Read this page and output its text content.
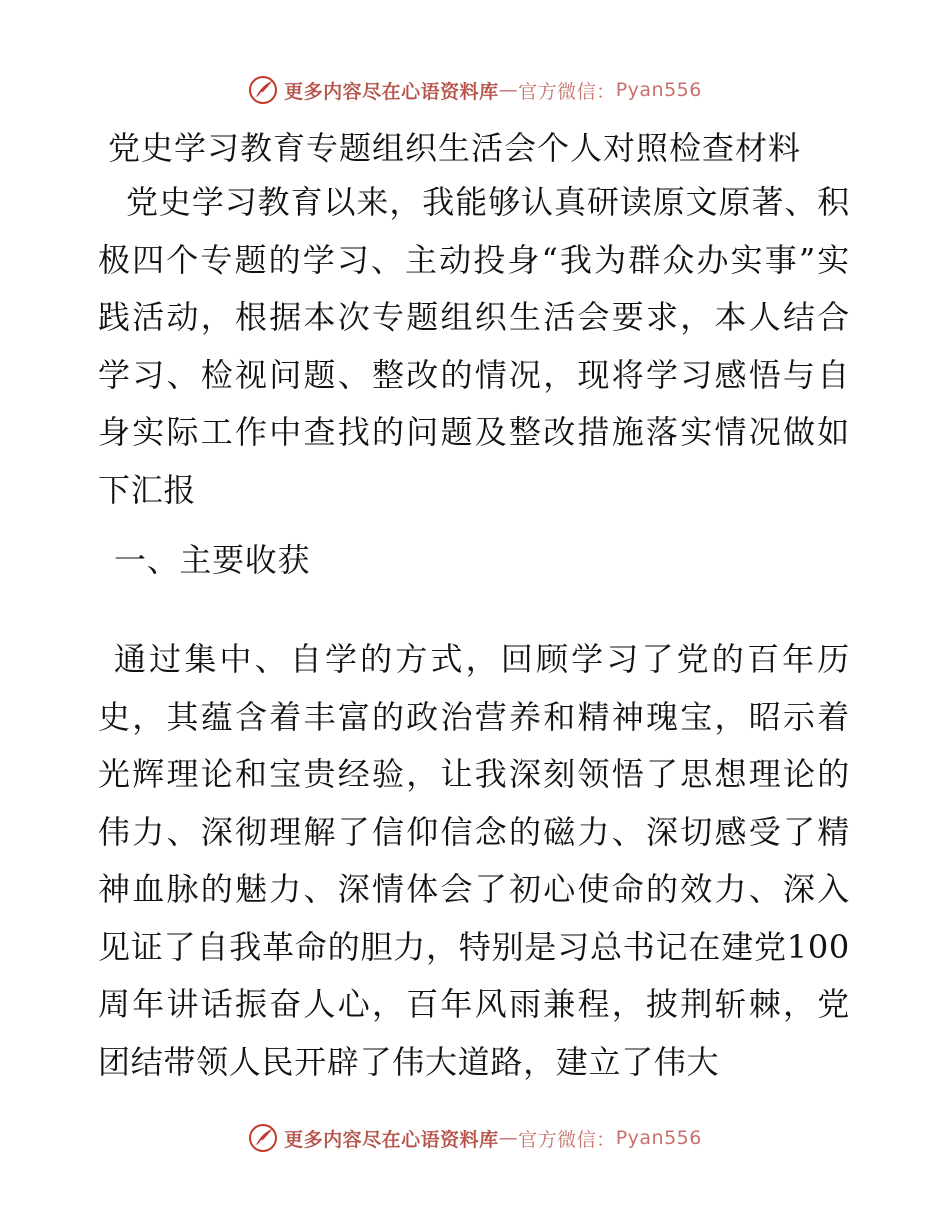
更多内容尽在心语资料库 — 官方微信： Pyan556
党史学习教育专题组织生活会个人对照检查材料
党史学习教育以来，我能够认真研读原文原著、积极四个专题的学习、主动投身“我为群众办实事”实践活动，根据本次专题组织生活会要求，本人结合学习、检视问题、整改的情况，现将学习感悟与自身实际工作中查找的问题及整改措施落实情况做如下汇报
一、主要收获
通过集中、自学的方式，回顾学习了党的百年历史，其蕴含着丰富的政治营养和精神瑰宝，昭示着光辉理论和宝贵经验，让我深刻领悟了思想理论的伟力、深彻理解了信仰信念的磁力、深切感受了精神血脉的魅力、深情体会了初心使命的效力、深入见证了自我革命的胆力，特别是习总书记在建党100周年讲话振奋人心，百年风雨兼程，披荆斩棘，党团结带领人民开辟了伟大道路，建立了伟大
更多内容尽在心语资料库 — 官方微信： Pyan556
